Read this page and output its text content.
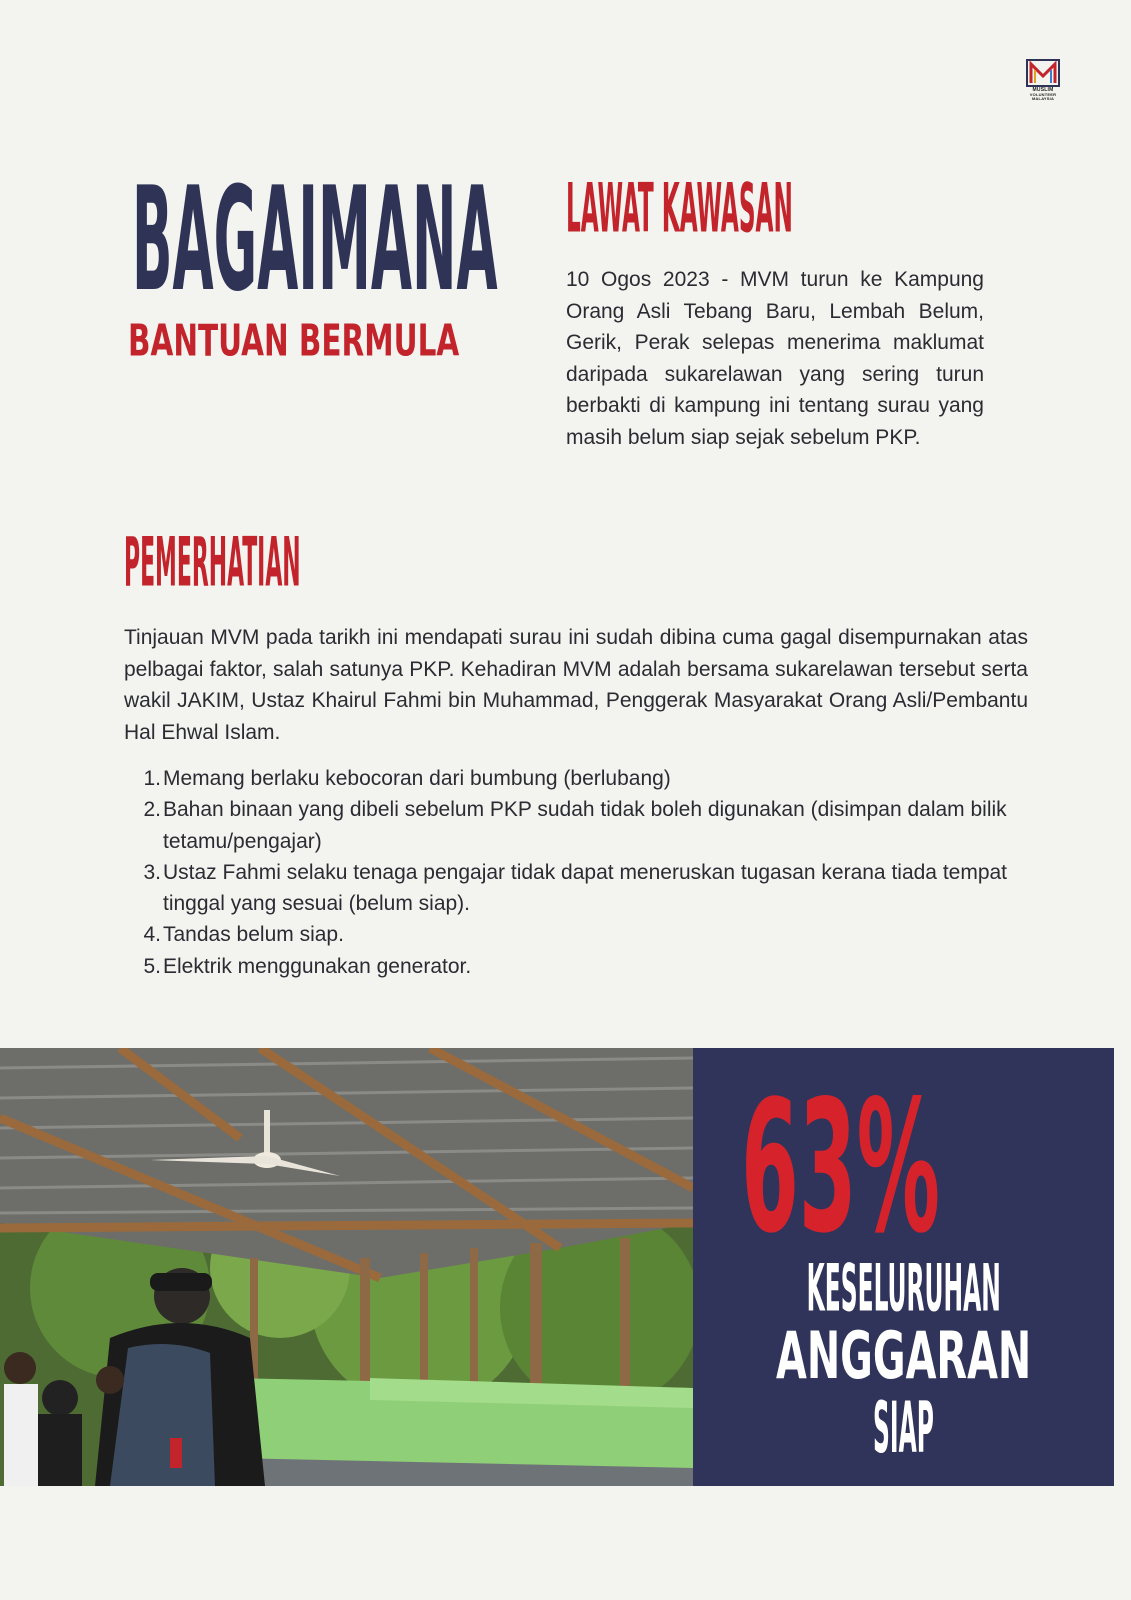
MUSLIM
VOLUNTEER
MALAYSIA
BAGAIMANA
BANTUAN BERMULA
LAWAT KAWASAN

10 Ogos 2023 - MVM turun ke Kampung Orang Asli Tebang Baru, Lembah Belum, Gerik, Perak selepas menerima maklumat daripada sukarelawan yang sering turun berbakti di kampung ini tentang surau yang masih belum siap sejak sebelum PKP.

PEMERHATIAN

Tinjauan MVM pada tarikh ini mendapati surau ini sudah dibina cuma gagal disempurnakan atas pelbagai faktor, salah satunya PKP. Kehadiran MVM adalah bersama sukarelawan tersebut serta wakil JAKIM, Ustaz Khairul Fahmi bin Muhammad, Penggerak Masyarakat Orang Asli/Pembantu Hal Ehwal Islam.

1. Memang berlaku kebocoran dari bumbung (berlubang)
2. Bahan binaan yang dibeli sebelum PKP sudah tidak boleh digunakan (disimpan dalam bilik tetamu/pengajar)
3. Ustaz Fahmi selaku tenaga pengajar tidak dapat meneruskan tugasan kerana tiada tempat tinggal yang sesuai (belum siap).
4. Tandas belum siap.
5. Elektrik menggunakan generator.
63%
KESELURUHAN
ANGGARAN
SIAP
